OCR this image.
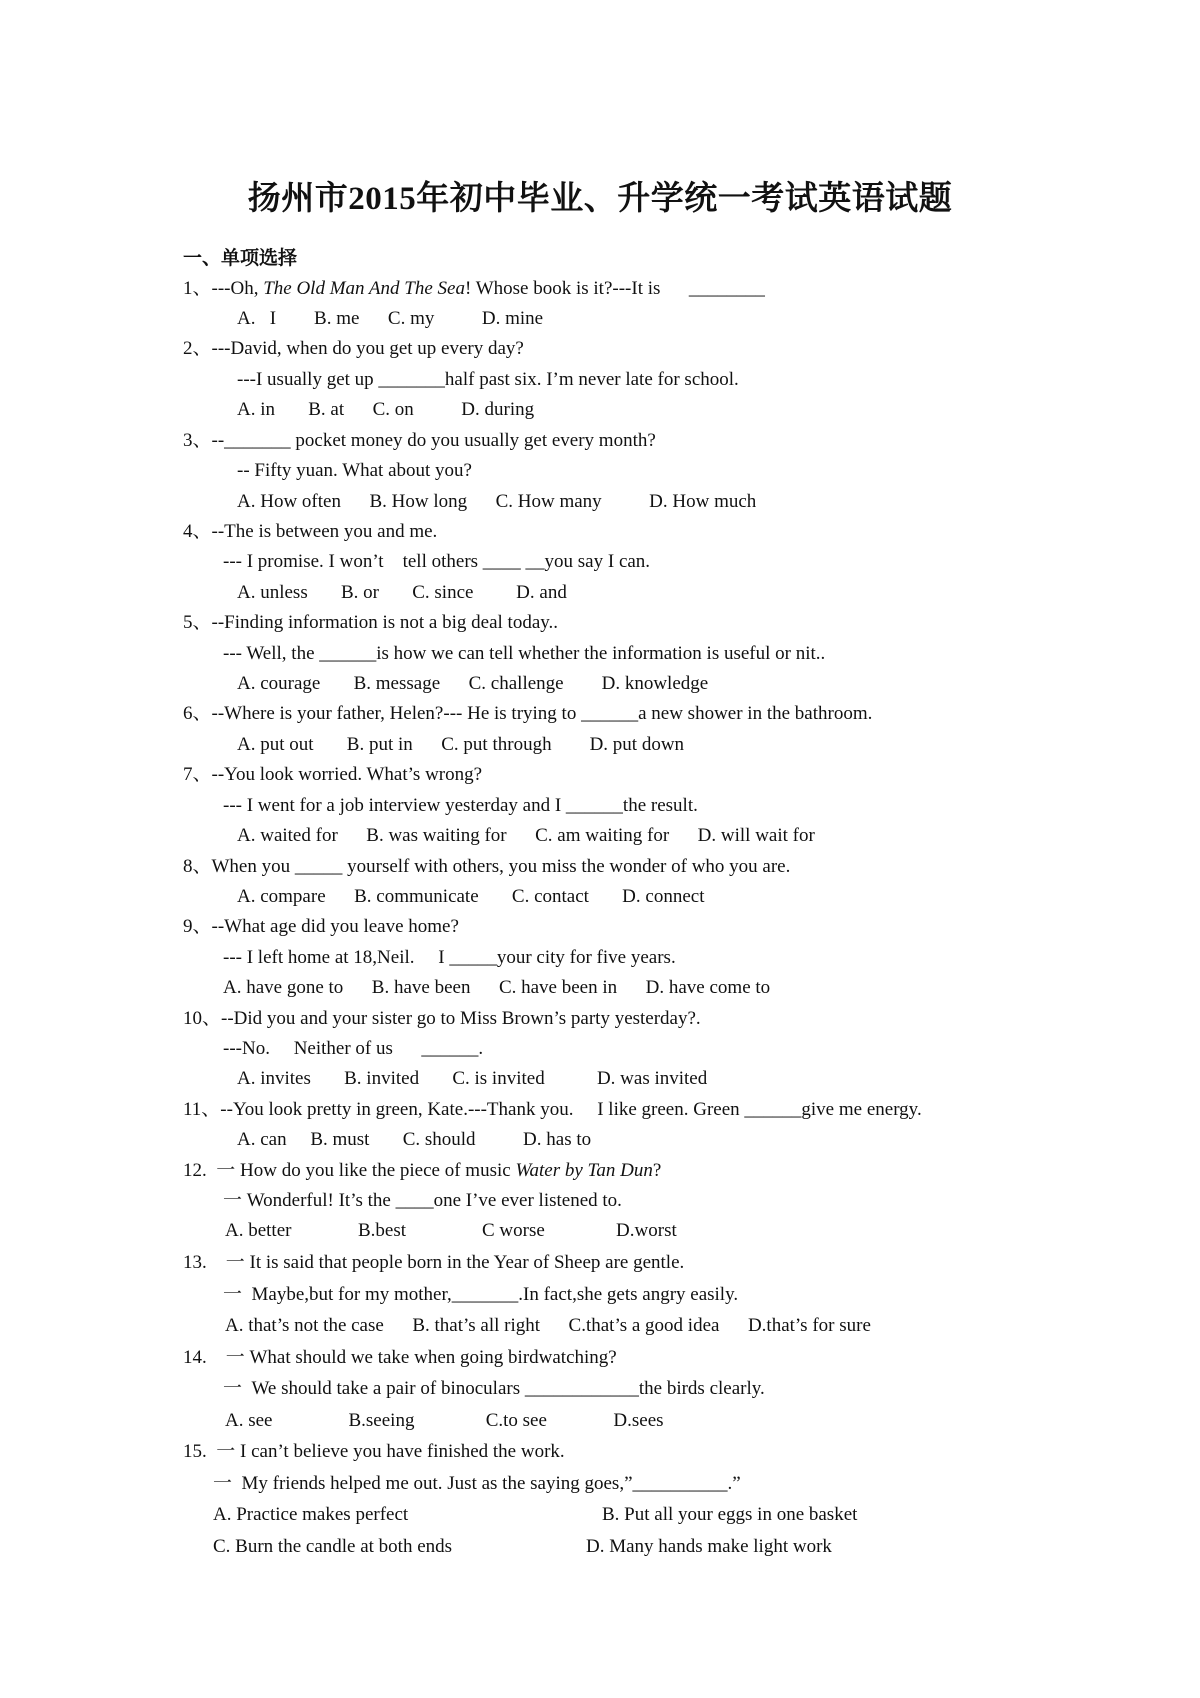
扬州市2015年初中毕业、升学统一考试英语试题
一、单项选择
1、---Oh, The Old Man And The Sea! Whose book is it?---It is      ________
A.   I        B. me      C. my          D. mine
2、---David, when do you get up every day?
---I usually get up _______half past six. I’m never late for school.
A. in       B. at      C. on          D. during
3、--_______ pocket money do you usually get every month?
-- Fifty yuan. What about you?
A. How often      B. How long      C. How many          D. How much
4、--The is between you and me.
--- I promise. I won’t    tell others ____ __you say I can.
A. unless       B. or       C. since         D. and
5、--Finding information is not a big deal today..
--- Well, the ______is how we can tell whether the information is useful or nit..
A. courage       B. message      C. challenge        D. knowledge
6、--Where is your father, Helen?--- He is trying to ______a new shower in the bathroom.
A. put out       B. put in      C. put through        D. put down
7、--You look worried. What’s wrong?
--- I went for a job interview yesterday and I ______the result.
A. waited for      B. was waiting for      C. am waiting for      D. will wait for
8、When you _____ yourself with others, you miss the wonder of who you are.
A. compare      B. communicate       C. contact       D. connect
9、--What age did you leave home?
--- I left home at 18,Neil.     I _____your city for five years.
A. have gone to      B. have been      C. have been in      D. have come to
10、--Did you and your sister go to Miss Brown’s party yesterday?.
---No.     Neither of us      ______.
A. invites       B. invited       C. is invited           D. was invited
11、--You look pretty in green, Kate.---Thank you.     I like green. Green ______give me energy.
A. can     B. must       C. should          D. has to
12.  一 How do you like the piece of music Water by Tan Dun?
一 Wonderful! It’s the ____one I’ve ever listened to.
A. better              B.best                C worse               D.worst
13.    一 It is said that people born in the Year of Sheep are gentle.
一  Maybe,but for my mother,_______.In fact,she gets angry easily.
A. that’s not the case      B. that’s all right      C.that’s a good idea      D.that’s for sure
14.    一 What should we take when going birdwatching?
一  We should take a pair of binoculars ____________the birds clearly.
A. see                B.seeing               C.to see              D.sees
15.  一 I can’t believe you have finished the work.
一  My friends helped me out. Just as the saying goes,”__________.”
A. Practice makes perfect	B. Put all your eggs in one basket
C. Burn the candle at both ends	D. Many hands make light work
